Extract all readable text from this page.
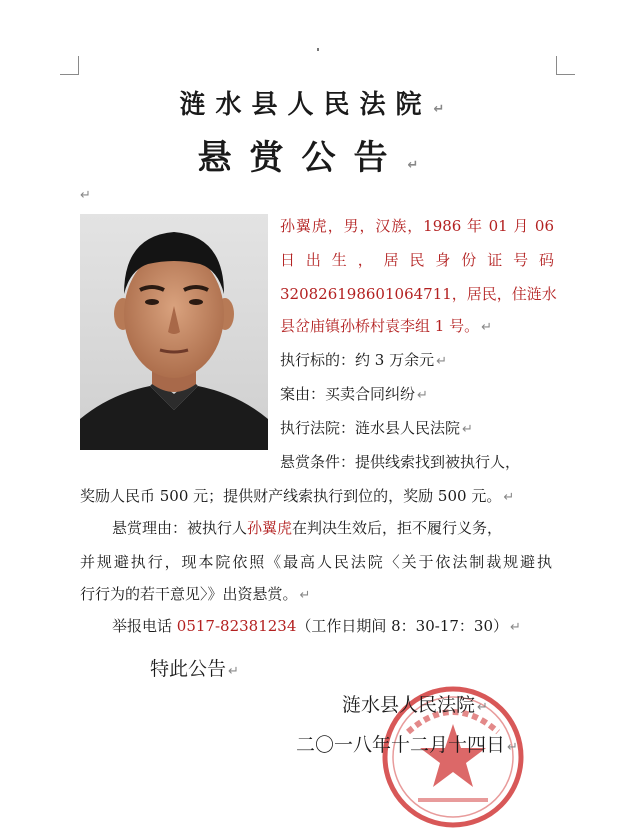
涟水县人民法院 ↵
悬赏公告 ↵
↵
孙翼虎，男，汉族，1986 年 01 月 06
日出生，居民身份证号码
320826198601064711，居民，住涟水
县岔庙镇孙桥村袁李组 1 号。 ↵
执行标的：约 3 万余元 ↵
案由：买卖合同纠纷 ↵
执行法院：涟水县人民法院 ↵
悬赏条件：提供线索找到被执行人，
奖励人民币 500 元；提供财产线索执行到位的，奖励 500 元。 ↵
悬赏理由：被执行人孙翼虎在判决生效后，拒不履行义务，
并规避执行，现本院依照《最高人民法院〈关于依法制裁规避执
行行为的若干意见〉》出资悬赏。 ↵
举报电话 0517-82381234（工作日期间 8：30-17：30） ↵
特此公告 ↵
涟水县人民法院 ↵
二〇一八年十二月十四日 ↵
